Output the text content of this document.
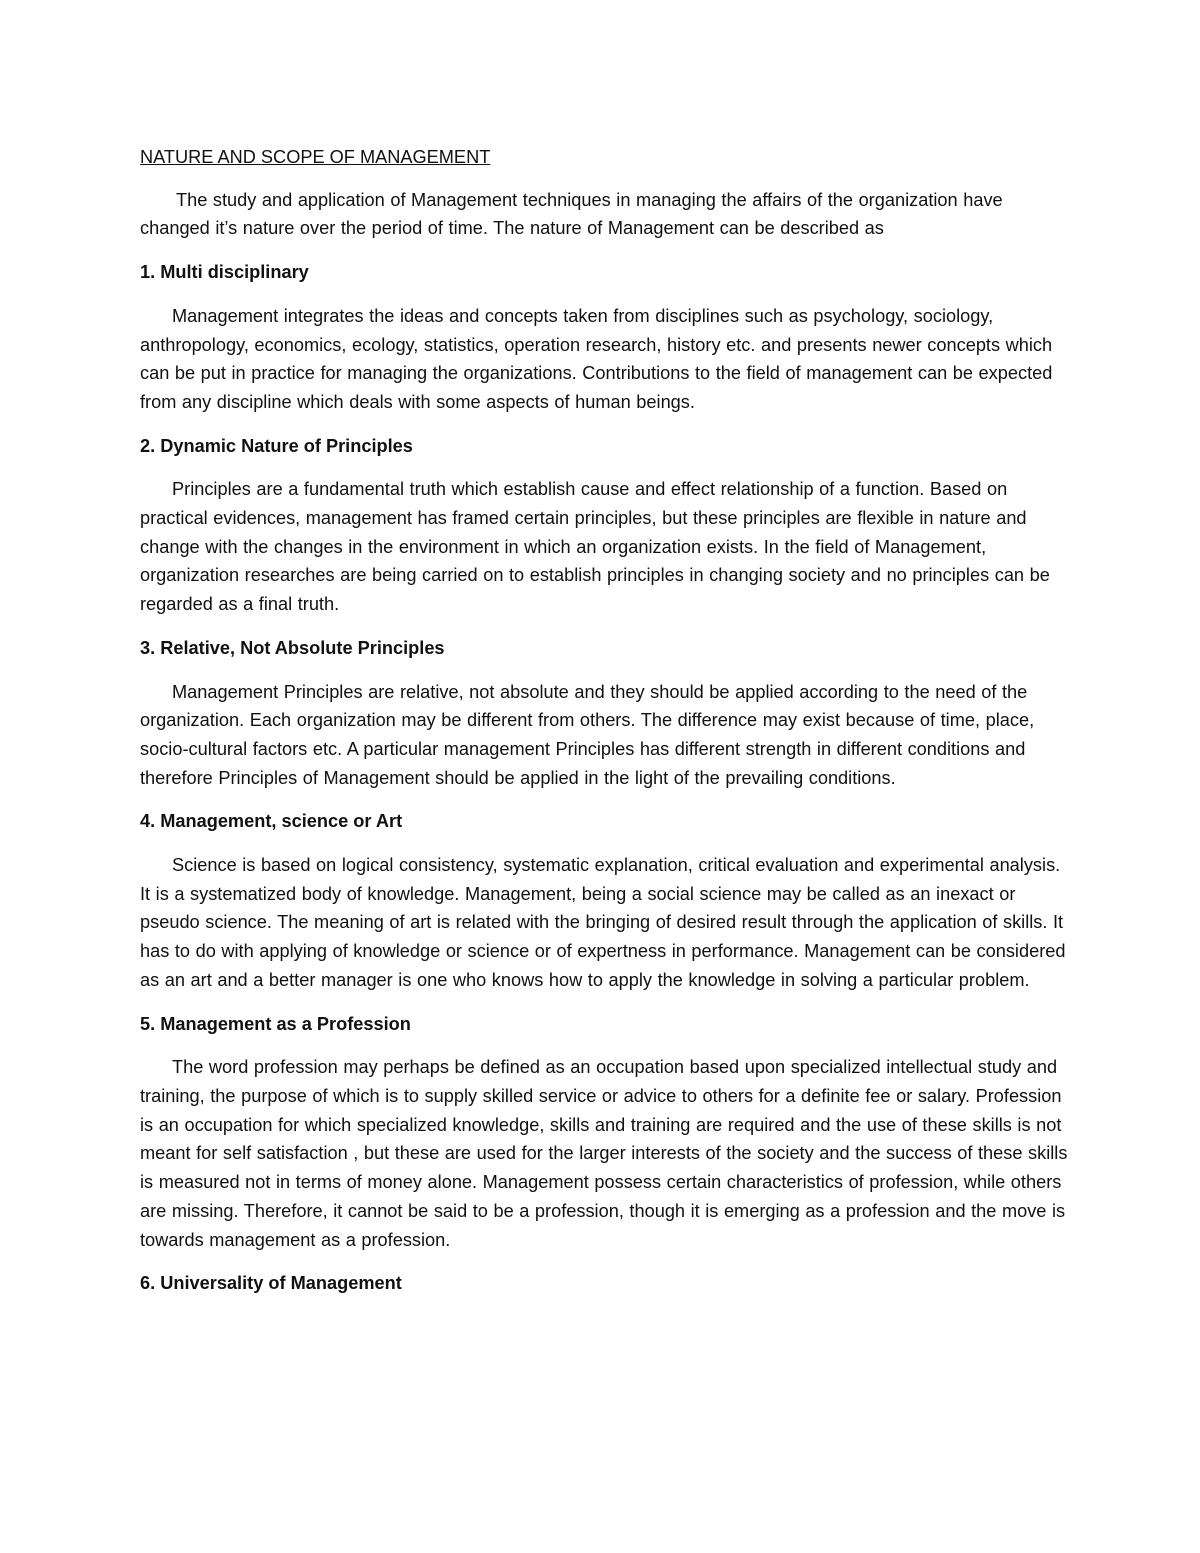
NATURE AND SCOPE OF MANAGEMENT

The study and application of Management techniques in managing the affairs of the organization have changed it’s nature over the period of time. The nature of Management can be described as

1. Multi disciplinary

Management integrates the ideas and concepts taken from disciplines such as psychology, sociology, anthropology, economics, ecology, statistics, operation research, history etc. and presents newer concepts which can be put in practice for managing the organizations. Contributions to the field of management can be expected from any discipline which deals with some aspects of human beings.

2. Dynamic Nature of Principles

Principles are a fundamental truth which establish cause and effect relationship of a function. Based on practical evidences, management has framed certain principles, but these principles are flexible in nature and change with the changes in the environment in which an organization exists. In the field of Management, organization researches are being carried on to establish principles in changing society and no principles can be regarded as a final truth.

3. Relative, Not Absolute Principles

Management Principles are relative, not absolute and they should be applied according to the need of the organization. Each organization may be different from others. The difference may exist because of time, place, socio-cultural factors etc. A particular management Principles has different strength in different conditions and therefore Principles of Management should be applied in the light of the prevailing conditions.

4. Management, science or Art

Science is based on logical consistency, systematic explanation, critical evaluation and experimental analysis. It is a systematized body of knowledge. Management, being a social science may be called as an inexact or pseudo science. The meaning of art is related with the bringing of desired result through the application of skills. It has to do with applying of knowledge or science or of expertness in performance. Management can be considered as an art and a better manager is one who knows how to apply the knowledge in solving a particular problem.

5. Management as a Profession

The word profession may perhaps be defined as an occupation based upon specialized intellectual study and training, the purpose of which is to supply skilled service or advice to others for a definite fee or salary. Profession is an occupation for which specialized knowledge, skills and training are required and the use of these skills is not meant for self satisfaction , but these are used for the larger interests of the society and the success of these skills is measured not in terms of money alone. Management possess certain characteristics of profession, while others are missing. Therefore, it cannot be said to be a profession, though it is emerging as a profession and the move is towards management as a profession.

6. Universality of Management
